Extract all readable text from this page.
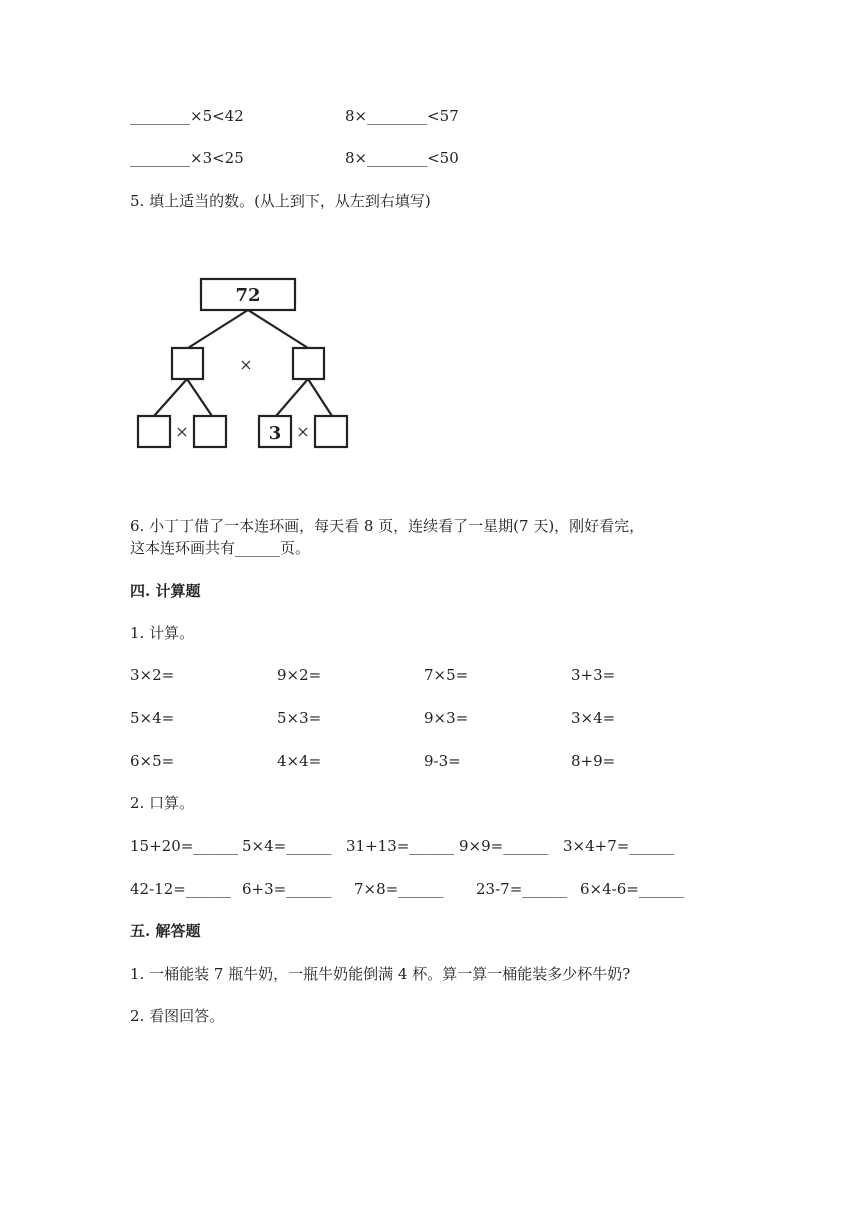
________×5<42	8×________<57
________×3<25	8×________<50
5. 填上适当的数。(从上到下，从左到右填写)
72
×
×	×
3
6. 小丁丁借了一本连环画，每天看 8 页，连续看了一星期(7 天)，刚好看完，
这本连环画共有______页。
四. 计算题
1. 计算。
3×2=	9×2=	7×5=	3+3=
5×4=	5×3=	9×3=	3×4=
6×5=	4×4=	9-3=	8+9=
2. 口算。
15+20=______ 5×4=______ 31+13=______ 9×9=______ 3×4+7=______
42-12=______ 6+3=______ 7×8=______ 23-7=______ 6×4-6=______
五. 解答题
1. 一桶能装 7 瓶牛奶，一瓶牛奶能倒满 4 杯。算一算一桶能装多少杯牛奶?
2. 看图回答。
